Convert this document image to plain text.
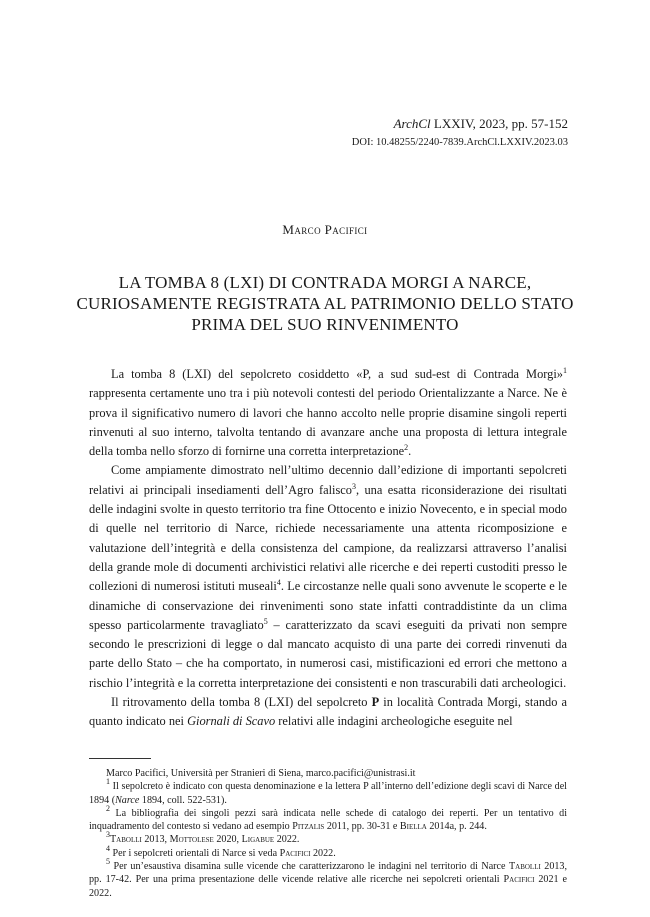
ArchCl LXXIV, 2023, pp. 57-152
DOI: 10.48255/2240-7839.ArchCl.LXXIV.2023.03
Marco Pacifici
LA TOMBA 8 (LXI) DI CONTRADA MORGI A NARCE,
CURIOSAMENTE REGISTRATA AL PATRIMONIO DELLO STATO
PRIMA DEL SUO RINVENIMENTO

La tomba 8 (LXI) del sepolcreto cosiddetto «P, a sud sud-est di Contrada Morgi»$^1$ rappresenta certamente uno tra i più notevoli contesti del periodo Orientalizzante a Narce. Ne è prova il significativo numero di lavori che hanno accolto nelle proprie disamine singoli reperti rinvenuti al suo interno, talvolta tentando di avanzare anche una proposta di lettura integrale della tomba nello sforzo di fornirne una corretta interpretazione$^2$.

Come ampiamente dimostrato nell’ultimo decennio dall’edizione di importanti sepolcreti relativi ai principali insediamenti dell’Agro falisco$^3$, una esatta riconsiderazione dei risultati delle indagini svolte in questo territorio tra fine Ottocento e inizio Novecento, e in special modo di quelle nel territorio di Narce, richiede necessariamente una attenta ricomposizione e valutazione dell’integrità e della consistenza del campione, da realizzarsi attraverso l’analisi della grande mole di documenti archivistici relativi alle ricerche e dei reperti custoditi presso le collezioni di numerosi istituti museali$^4$. Le circostanze nelle quali sono avvenute le scoperte e le dinamiche di conservazione dei rinvenimenti sono state infatti contraddistinte da un clima spesso particolarmente travagliato$^5$ – caratterizzato da scavi eseguiti da privati non sempre secondo le prescrizioni di legge o dal mancato acquisto di una parte dei corredi rinvenuti da parte dello Stato – che ha comportato, in numerosi casi, mistificazioni ed errori che mettono a rischio l’integrità e la corretta interpretazione dei consistenti e non trascurabili dati archeologici.

Il ritrovamento della tomba 8 (LXI) del sepolcreto P in località Contrada Morgi, stando a quanto indicato nei Giornali di Scavo relativi alle indagini archeologiche eseguite nel

Marco Pacifici, Università per Stranieri di Siena, marco.pacifici@unistrasi.it

$^1$ Il sepolcreto è indicato con questa denominazione e la lettera P all’interno dell’edizione degli scavi di Narce del 1894 (Narce 1894, coll. 522-531).

$^2$ La bibliografia dei singoli pezzi sarà indicata nelle schede di catalogo dei reperti. Per un tentativo di inquadramento del contesto si vedano ad esempio Pitzalis 2011, pp. 30-31 e Biella 2014a, p. 244.

$^3$Tabolli 2013, Mottolese 2020, Ligabue 2022.

$^4$ Per i sepolcreti orientali di Narce si veda Pacifici 2022.

$^5$ Per un’esaustiva disamina sulle vicende che caratterizzarono le indagini nel territorio di Narce Tabolli 2013, pp. 17-42. Per una prima presentazione delle vicende relative alle ricerche nei sepolcreti orientali Pacifici 2021 e 2022.
